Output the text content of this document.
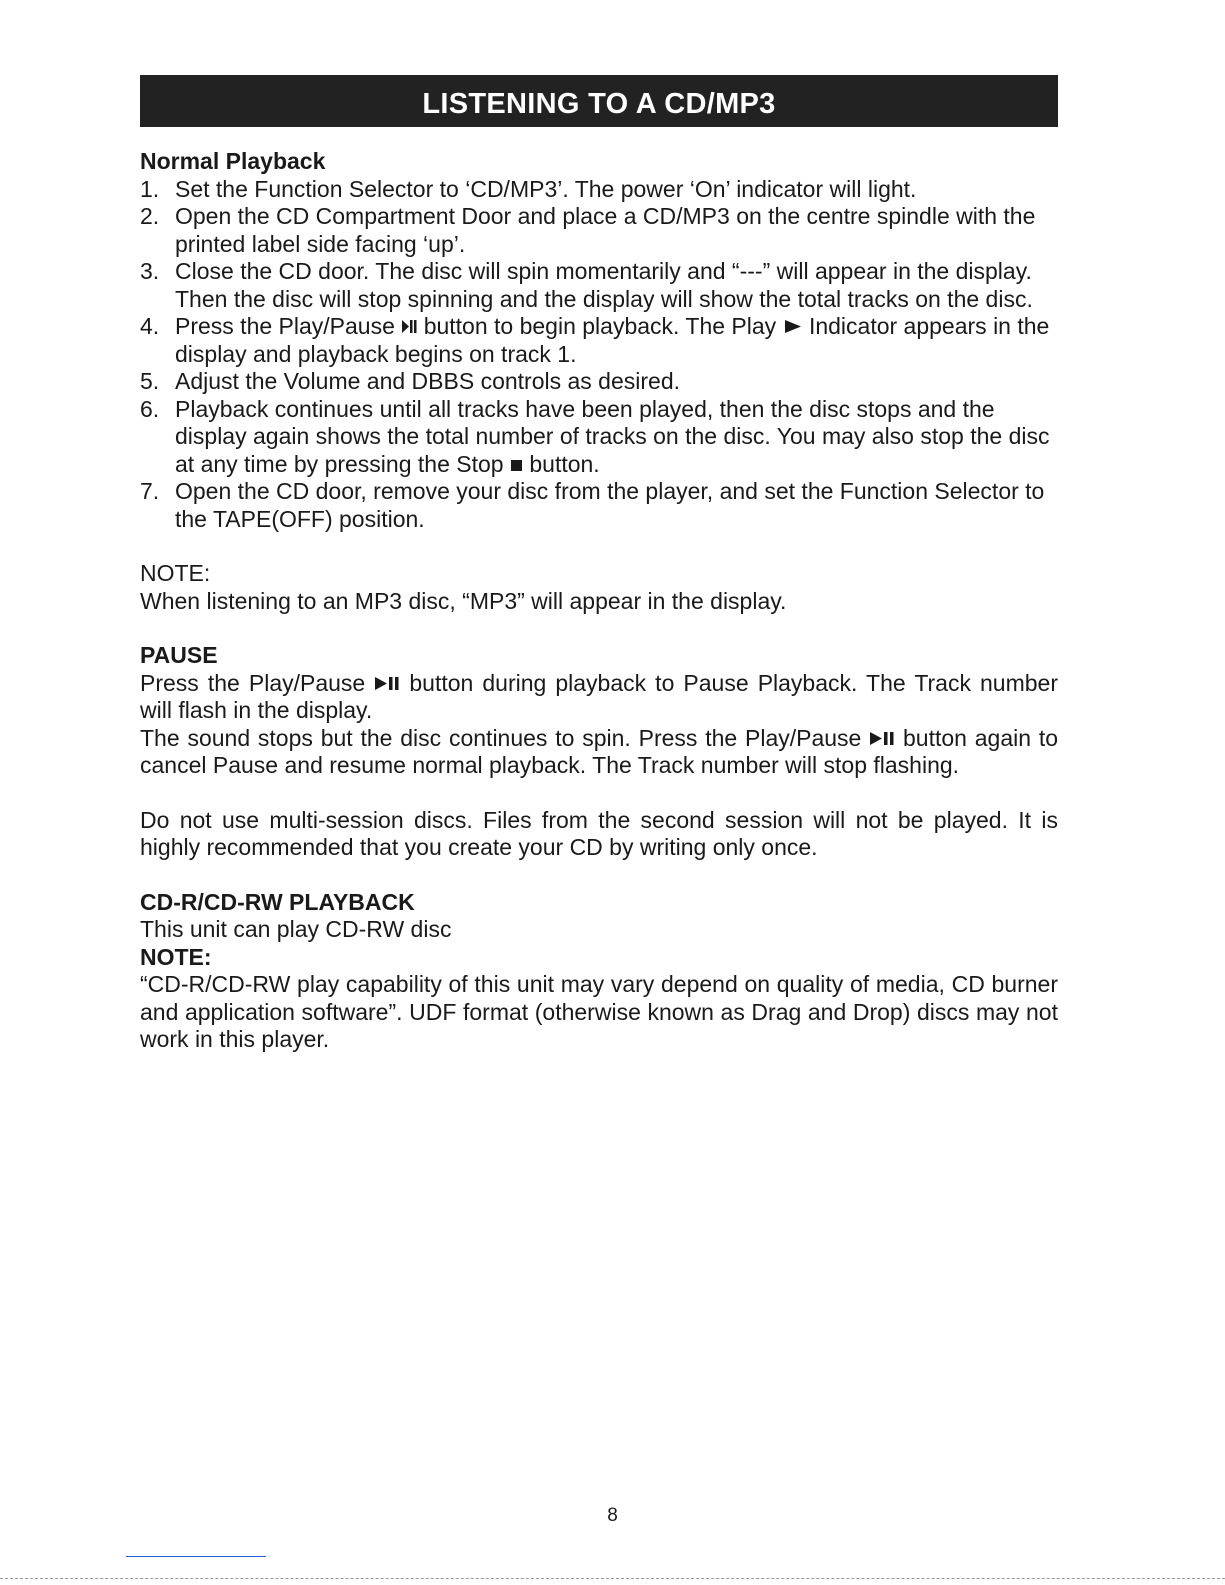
LISTENING TO A CD/MP3
Normal Playback
1. Set the Function Selector to ‘CD/MP3’. The power ‘On’ indicator will light.
2. Open the CD Compartment Door and place a CD/MP3 on the centre spindle with the printed label side facing ‘up’.
3. Close the CD door. The disc will spin momentarily and “---” will appear in the display. Then the disc will stop spinning and the display will show the total tracks on the disc.
4. Press the Play/Pause button to begin playback. The Play Indicator appears in the display and playback begins on track 1.
5. Adjust the Volume and DBBS controls as desired.
6. Playback continues until all tracks have been played, then the disc stops and the display again shows the total number of tracks on the disc. You may also stop the disc at any time by pressing the Stop button.
7. Open the CD door, remove your disc from the player, and set the Function Selector to the TAPE(OFF) position.
NOTE:
When listening to an MP3 disc, “MP3” will appear in the display.
PAUSE
Press the Play/Pause button during playback to Pause Playback. The Track number will flash in the display.
The sound stops but the disc continues to spin. Press the Play/Pause button again to cancel Pause and resume normal playback. The Track number will stop flashing.
Do not use multi-session discs. Files from the second session will not be played. It is highly recommended that you create your CD by writing only once.
CD-R/CD-RW PLAYBACK
This unit can play CD-RW disc
NOTE:
“CD-R/CD-RW play capability of this unit may vary depend on quality of media, CD burner and application software”. UDF format (otherwise known as Drag and Drop) discs may not work in this player.
8
